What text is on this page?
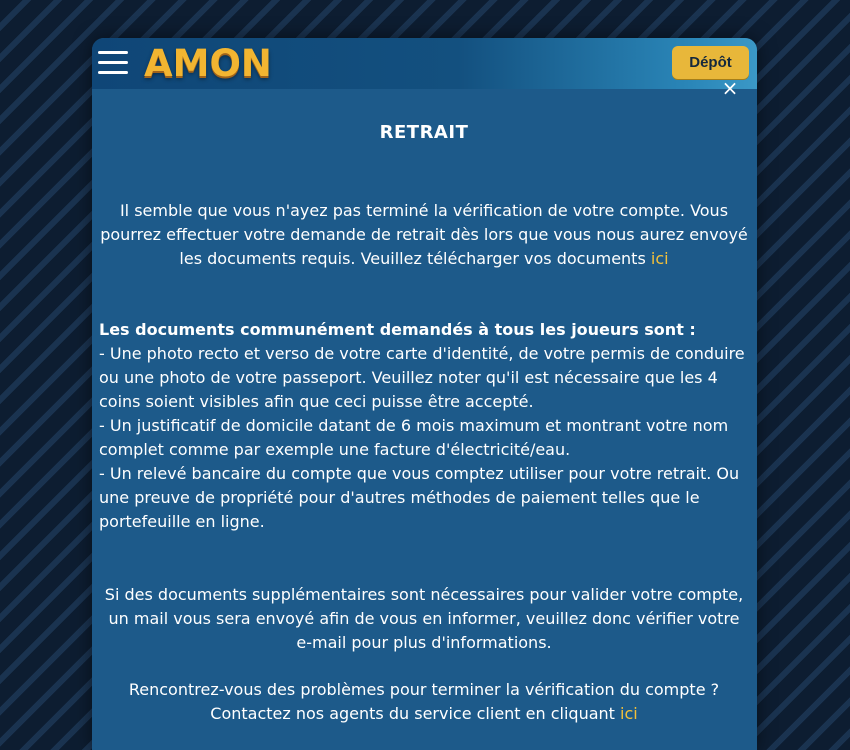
AMON	Dépôt
×
RETRAIT
Il semble que vous n'ayez pas terminé la vérification de votre compte. Vous pourrez effectuer votre demande de retrait dès lors que vous nous aurez envoyé les documents requis. Veuillez télécharger vos documents ici
Les documents communément demandés à tous les joueurs sont :
- Une photo recto et verso de votre carte d'identité, de votre permis de conduire ou une photo de votre passeport. Veuillez noter qu'il est nécessaire que les 4 coins soient visibles afin que ceci puisse être accepté.
- Un justificatif de domicile datant de 6 mois maximum et montrant votre nom complet comme par exemple une facture d'électricité/eau.
- Un relevé bancaire du compte que vous comptez utiliser pour votre retrait. Ou une preuve de propriété pour d'autres méthodes de paiement telles que le portefeuille en ligne.
Si des documents supplémentaires sont nécessaires pour valider votre compte, un mail vous sera envoyé afin de vous en informer, veuillez donc vérifier votre e-mail pour plus d'informations.
Rencontrez-vous des problèmes pour terminer la vérification du compte ?
Contactez nos agents du service client en cliquant ici
